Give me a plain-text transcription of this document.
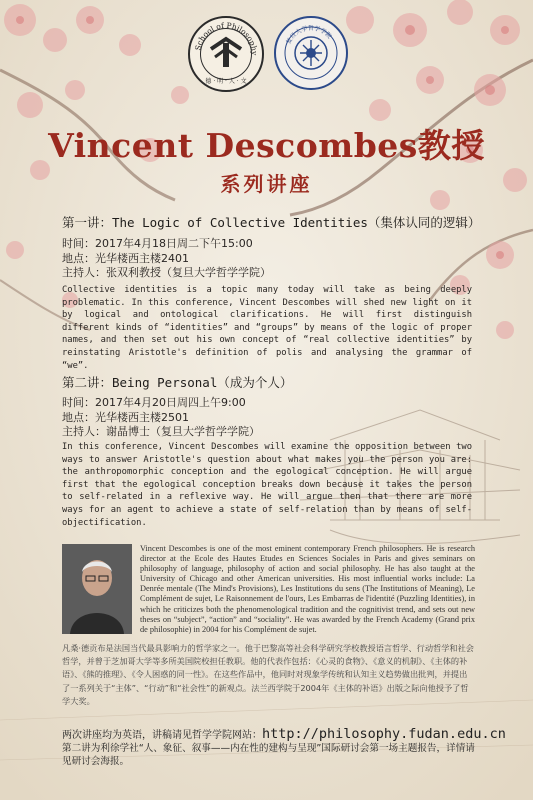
School of Philosophy
德 · 明 · 人 · 文
复旦大学哲学学院
Vincent Descombes教授
系列讲座
第一讲：The Logic of Collective Identities（集体认同的逻辑）
时间：2017年4月18日周二下午15:00
地点：光华楼西主楼2401
主持人：张双利教授（复旦大学哲学学院）
Collective identities is a topic many today will take as being deeply problematic. In this conference, Vincent Descombes will shed new light on it by logical and ontological clarifications. He will first distinguish different kinds of “identities” and “groups” by means of the logic of proper names, and then set out his own concept of “real collective identities” by reinstating Aristotle's definition of polis and analysing the grammar of “we”.
第二讲：Being Personal（成为个人）
时间：2017年4月20日周四上午9:00
地点：光华楼西主楼2501
主持人：谢晶博士（复旦大学哲学学院）
In this conference, Vincent Descombes will examine the opposition between two ways to answer Aristotle's question about what makes you the person you are: the anthropomorphic conception and the egological conception. He will argue first that the egological conception breaks down because it takes the person to self-related in a reflexive way. He will argue then that there are more ways for an agent to achieve a state of self-relation than by means of self-objectification.
Vincent Descombes is one of the most eminent contemporary French philosophers. He is research director at the Ecole des Hautes Etudes en Sciences Sociales in Paris and gives seminars on philosophy of language, philosophy of action and social philosophy. He has also taught at the University of Chicago and other American universities. His most influential works include: La Denrée mentale (The Mind's Provisions), Les Institutions du sens (The Institutions of Meaning), Le Complément de sujet, Le Raisonnement de l'ours, Les Embarras de l'identité (Puzzling Identities), in which he criticizes both the phenomenological tradition and the cognitivist trend, and sets out new theses on “subject”, “action” and “sociality”. He was awarded by the French Academy (Grand prix de philosophie) in 2004 for his Complément de sujet.
凡桑·德贡布是法国当代最具影响力的哲学家之一。他于巴黎高等社会科学研究学校教授语言哲学、行动哲学和社会哲学，并曾于芝加哥大学等多所美国院校担任教职。他的代表作包括：《心灵的食物》、《意义的机制》、《主体的补语》、《熊的推理》、《令人困惑的同一性》。在这些作品中，他同时对现象学传统和认知主义趋势做出批判，并提出了一系列关于“主体”、“行动”和“社会性”的新观点。法兰西学院于2004年《主体的补语》出版之际向他授予了哲学大奖。
两次讲座均为英语，讲稿请见哲学学院网站：http://philosophy.fudan.edu.cn
第二讲为利徐学社“人、象征、叙事——内在性的建构与呈现”国际研讨会第一场主题报告，详情请见研讨会海报。
